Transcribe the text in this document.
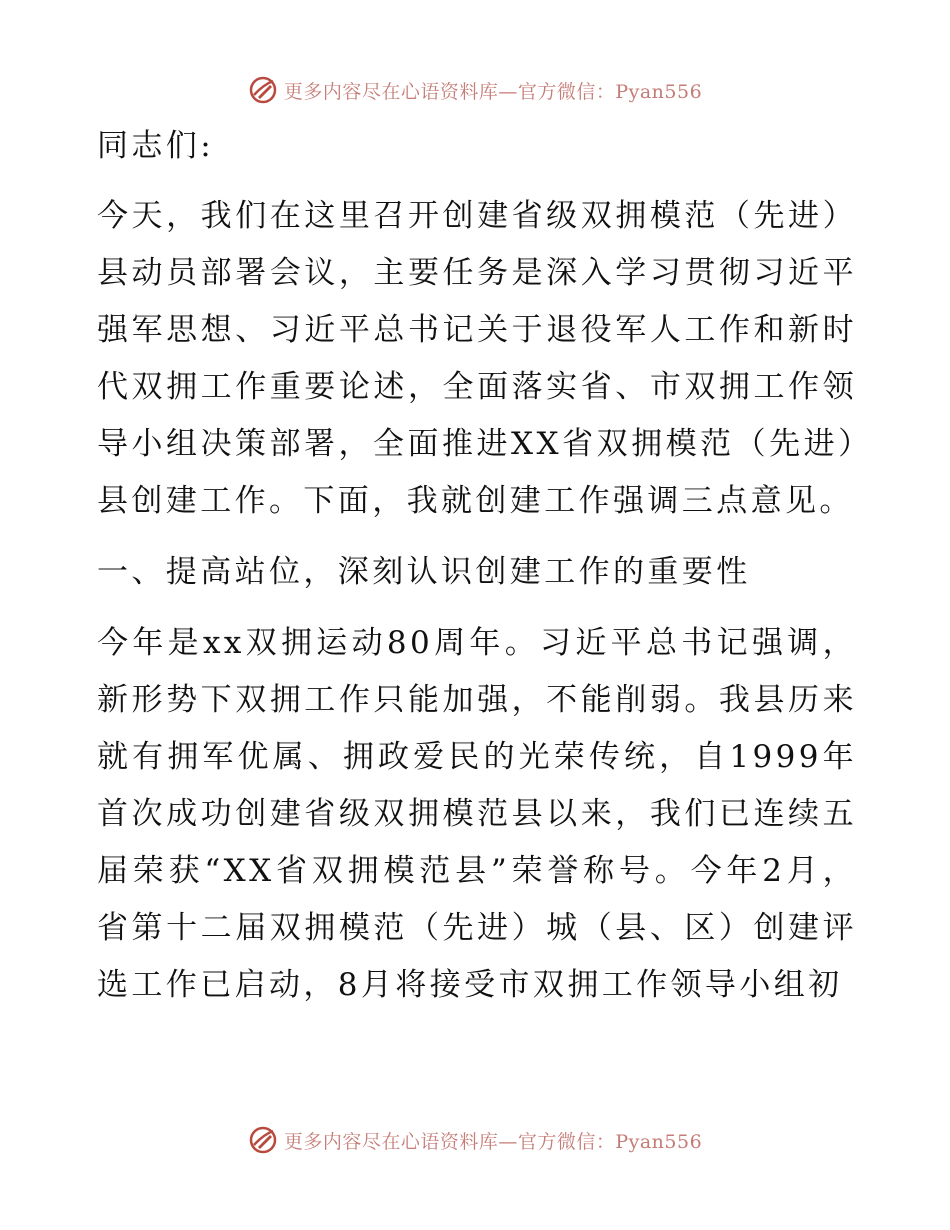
更多内容尽在心语资料库—官方微信：Pyan556

同志们:

今天，我们在这里召开创建省级双拥模范（先进）县动员部署会议，主要任务是深入学习贯彻习近平强军思想、习近平总书记关于退役军人工作和新时代双拥工作重要论述，全面落实省、市双拥工作领导小组决策部署，全面推进XX省双拥模范（先进）县创建工作。下面，我就创建工作强调三点意见。

一、提高站位，深刻认识创建工作的重要性

今年是xx双拥运动80周年。习近平总书记强调，新形势下双拥工作只能加强，不能削弱。我县历来就有拥军优属、拥政爱民的光荣传统，自1999年首次成功创建省级双拥模范县以来，我们已连续五届荣获“XX省双拥模范县”荣誉称号。今年2月，省第十二届双拥模范（先进）城（县、区）创建评选工作已启动，8月将接受市双拥工作领导小组初

更多内容尽在心语资料库—官方微信：Pyan556
